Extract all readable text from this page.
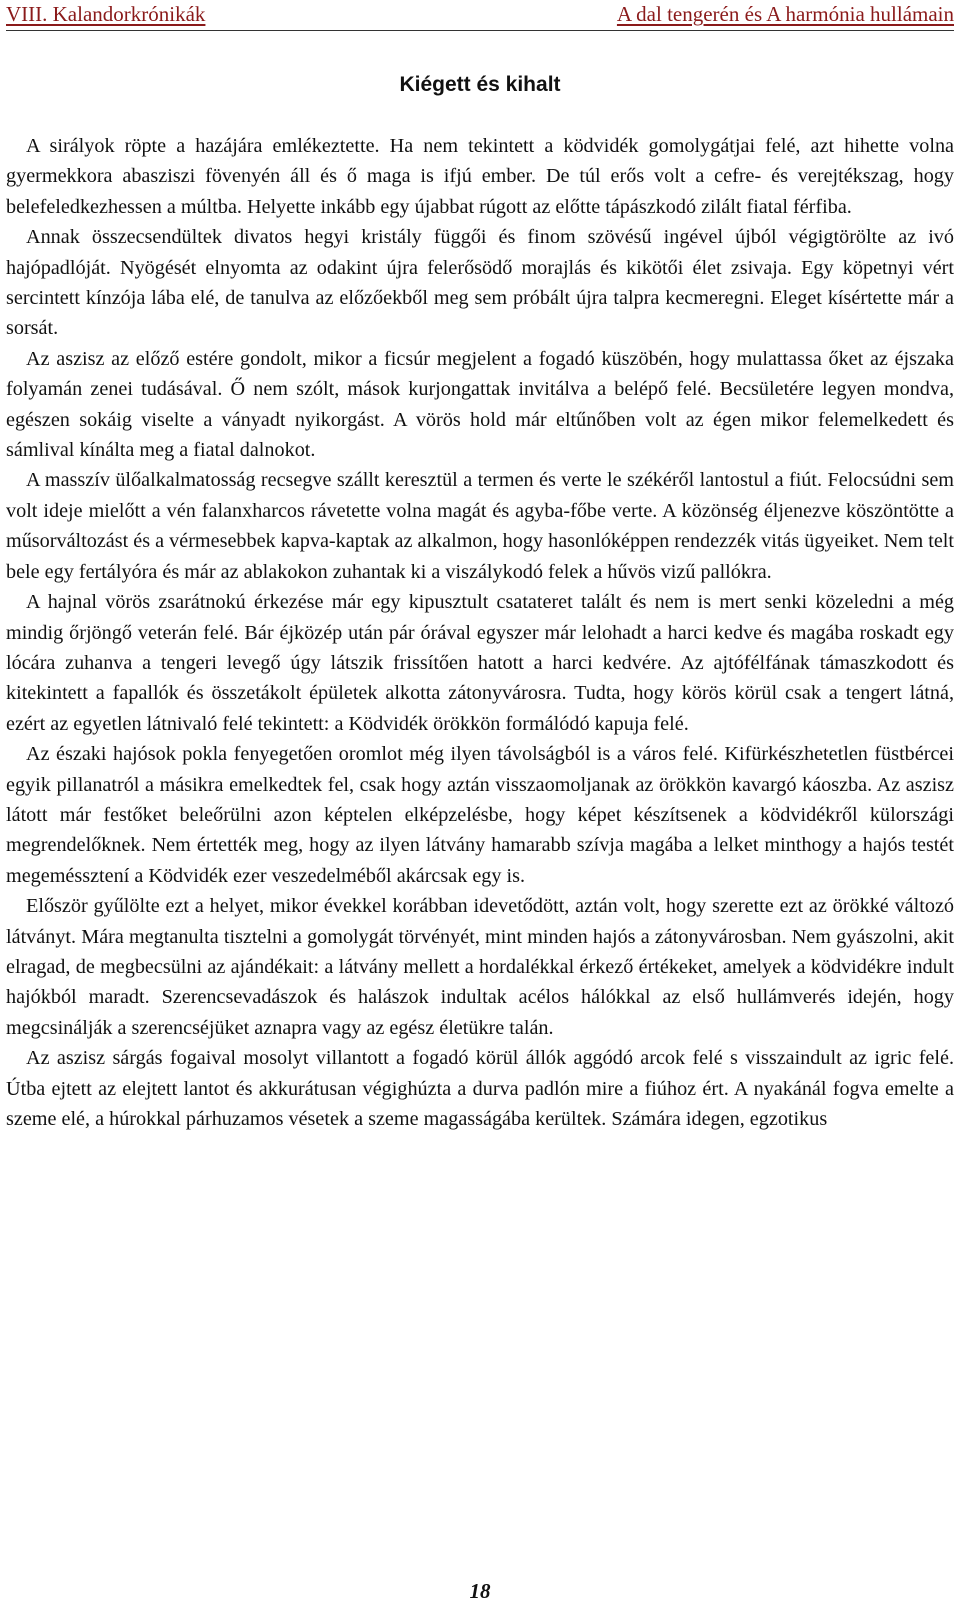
VIII. Kalandorkrónikák	A dal tengerén és A harmónia hullámain
Kiégett és kihalt

A sirályok röpte a hazájára emlékeztette. Ha nem tekintett a ködvidék gomolygátjai felé, azt hihette volna gyermekkora abasziszi fövenyén áll és ő maga is ifjú ember. De túl erős volt a cefre- és verejtékszag, hogy belefeledkezhessen a múltba. Helyette inkább egy újabbat rúgott az előtte tápászkodó zilált fiatal férfiba.

Annak összecsendültek divatos hegyi kristály függői és finom szövésű ingével újból végigtörölte az ivó hajópadlóját. Nyögését elnyomta az odakint újra felerősödő morajlás és kikötői élet zsivaja. Egy köpetnyi vért sercintett kínzója lába elé, de tanulva az előzőekből meg sem próbált újra talpra kecmeregni. Eleget kísértette már a sorsát.

Az aszisz az előző estére gondolt, mikor a ficsúr megjelent a fogadó küszöbén, hogy mulattassa őket az éjszaka folyamán zenei tudásával. Ő nem szólt, mások kurjongattak invitálva a belépő felé. Becsületére legyen mondva, egészen sokáig viselte a ványadt nyikorgást. A vörös hold már eltűnőben volt az égen mikor felemelkedett és sámlival kínálta meg a fiatal dalnokot.

A masszív ülőalkalmatosság recsegve szállt keresztül a termen és verte le székéről lantostul a fiút. Felocsúdni sem volt ideje mielőtt a vén falanxharcos rávetette volna magát és agyba-főbe verte. A közönség éljenezve köszöntötte a műsorváltozást és a vérmesebbek kapva-kaptak az alkalmon, hogy hasonlóképpen rendezzék vitás ügyeiket. Nem telt bele egy fertályóra és már az ablakokon zuhantak ki a viszálykodó felek a hűvös vizű pallókra.

A hajnal vörös zsarátnokú érkezése már egy kipusztult csatateret talált és nem is mert senki közeledni a még mindig őrjöngő veterán felé. Bár éjközép után pár órával egyszer már lelohadt a harci kedve és magába roskadt egy lócára zuhanva a tengeri levegő úgy látszik frissítően hatott a harci kedvére. Az ajtófélfának támaszkodott és kitekintett a fapallók és összetákolt épületek alkotta zátonyvárosra. Tudta, hogy körös körül csak a tengert látná, ezért az egyetlen látnivaló felé tekintett: a Ködvidék örökkön formálódó kapuja felé.

Az északi hajósok pokla fenyegetően oromlot még ilyen távolságból is a város felé. Kifürkészhetetlen füstbércei egyik pillanatról a másikra emelkedtek fel, csak hogy aztán visszaomoljanak az örökkön kavargó káoszba. Az aszisz látott már festőket beleőrülni azon képtelen elképzelésbe, hogy képet készítsenek a ködvidékről külországi megrendelőknek. Nem értették meg, hogy az ilyen látvány hamarabb szívja magába a lelket minthogy a hajós testét megeméssztení a Ködvidék ezer veszedelméből akárcsak egy is.

Először gyűlölte ezt a helyet, mikor évekkel korábban idevetődött, aztán volt, hogy szerette ezt az örökké változó látványt. Mára megtanulta tisztelni a gomolygát törvényét, mint minden hajós a zátonyvárosban. Nem gyászolni, akit elragad, de megbecsülni az ajándékait: a látvány mellett a hordalékkal érkező értékeket, amelyek a ködvidékre indult hajókból maradt. Szerencsevadászok és halászok indultak acélos hálókkal az első hullámverés idején, hogy megcsinálják a szerencséjüket aznapra vagy az egész életükre talán.

Az aszisz sárgás fogaival mosolyt villantott a fogadó körül állók aggódó arcok felé s visszaindult az igric felé. Útba ejtett az elejtett lantot és akkurátusan végighúzta a durva padlón mire a fiúhoz ért. A nyakánál fogva emelte a szeme elé, a húrokkal párhuzamos vésetek a szeme magasságába kerültek. Számára idegen, egzotikus

18
